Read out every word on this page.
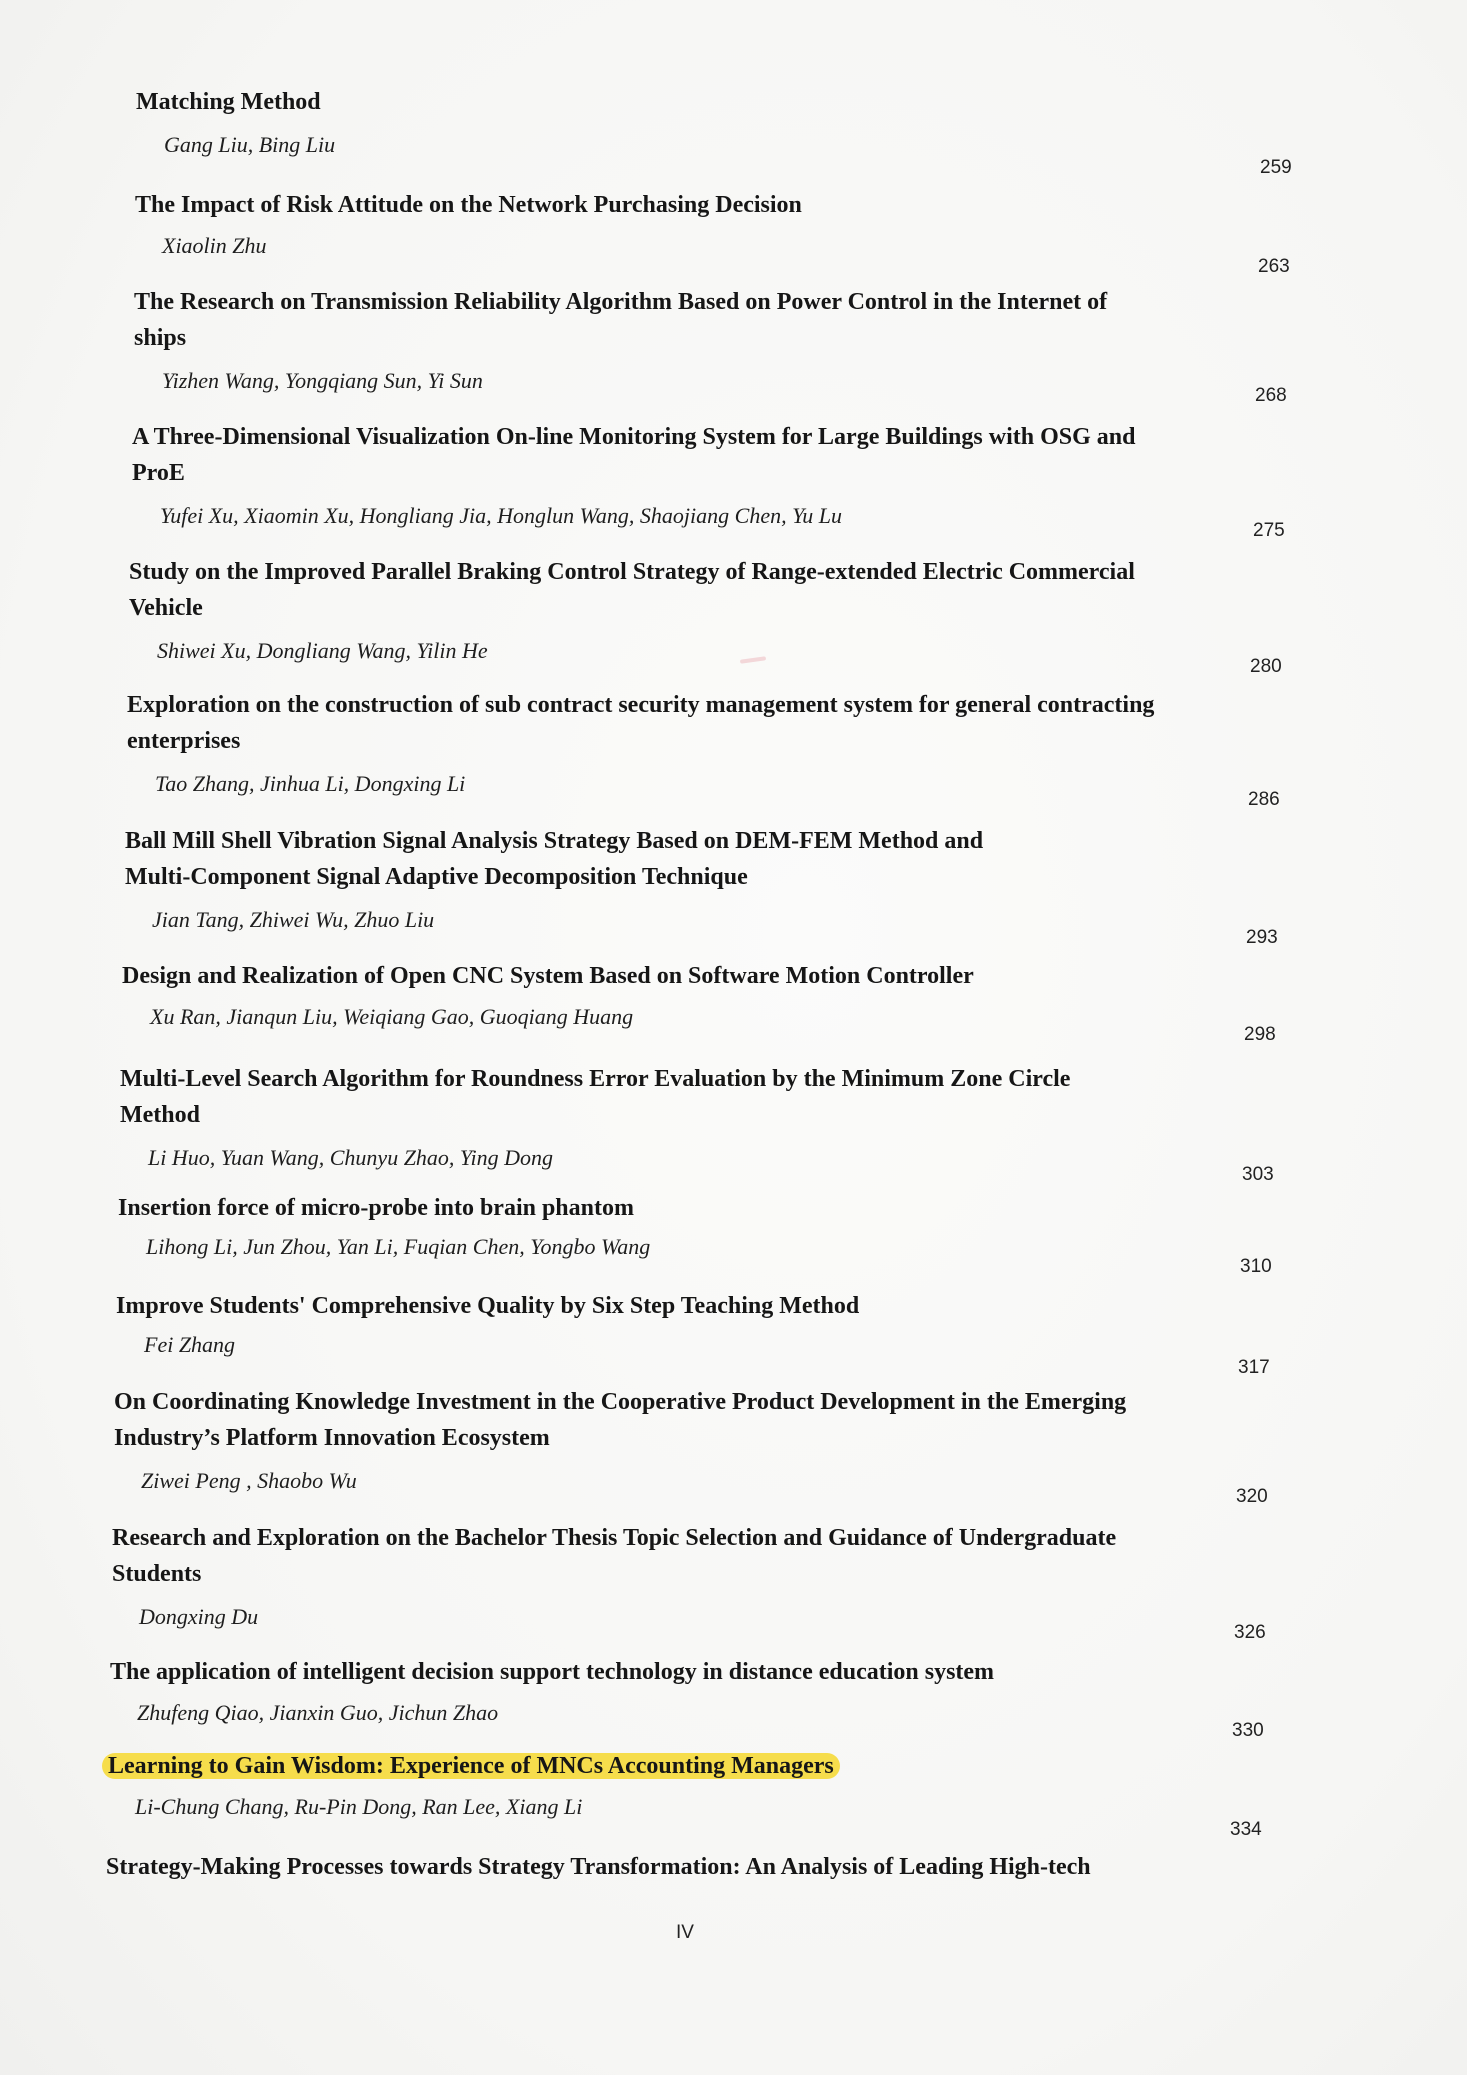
Matching Method
Gang Liu, Bing Liu
259
The Impact of Risk Attitude on the Network Purchasing Decision
Xiaolin Zhu
263
The Research on Transmission Reliability Algorithm Based on Power Control in the Internet of
ships
Yizhen Wang, Yongqiang Sun, Yi Sun
268
A Three-Dimensional Visualization On-line Monitoring System for Large Buildings with OSG and
ProE
Yufei Xu, Xiaomin Xu, Hongliang Jia, Honglun Wang, Shaojiang Chen, Yu Lu
275
Study on the Improved Parallel Braking Control Strategy of Range-extended Electric Commercial
Vehicle
Shiwei Xu, Dongliang Wang, Yilin He
280
Exploration on the construction of sub contract security management system for general contracting
enterprises
Tao Zhang, Jinhua Li, Dongxing Li
286
Ball Mill Shell Vibration Signal Analysis Strategy Based on DEM-FEM Method and
Multi-Component Signal Adaptive Decomposition Technique
Jian Tang, Zhiwei Wu, Zhuo Liu
293
Design and Realization of Open CNC System Based on Software Motion Controller
Xu Ran, Jianqun Liu, Weiqiang Gao, Guoqiang Huang
298
Multi-Level Search Algorithm for Roundness Error Evaluation by the Minimum Zone Circle
Method
Li Huo, Yuan Wang, Chunyu Zhao, Ying Dong
303
Insertion force of micro-probe into brain phantom
Lihong Li, Jun Zhou, Yan Li, Fuqian Chen, Yongbo Wang
310
Improve Students' Comprehensive Quality by Six Step Teaching Method
Fei Zhang
317
On Coordinating Knowledge Investment in the Cooperative Product Development in the Emerging
Industry’s Platform Innovation Ecosystem
Ziwei Peng , Shaobo Wu
320
Research and Exploration on the Bachelor Thesis Topic Selection and Guidance of Undergraduate
Students
Dongxing Du
326
The application of intelligent decision support technology in distance education system
Zhufeng Qiao, Jianxin Guo, Jichun Zhao
330
Learning to Gain Wisdom: Experience of MNCs Accounting Managers
Li-Chung Chang, Ru-Pin Dong, Ran Lee, Xiang Li
334
Strategy-Making Processes towards Strategy Transformation: An Analysis of Leading High-tech
IV
